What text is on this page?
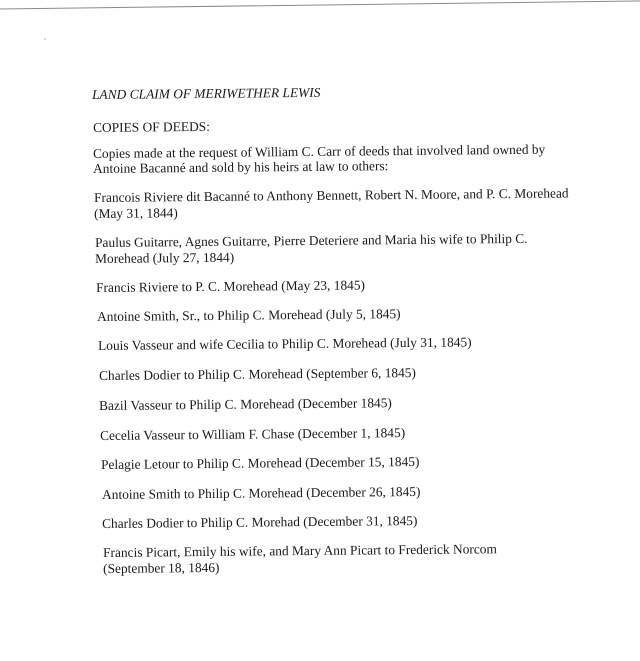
LAND CLAIM OF MERIWETHER LEWIS
COPIES OF DEEDS:
Copies made at the request of William C. Carr of deeds that involved land owned by
Antoine Bacanné and sold by his heirs at law to others:
Francois Riviere dit Bacanné to Anthony Bennett, Robert N. Moore, and P. C. Morehead
(May 31, 1844)
Paulus Guitarre, Agnes Guitarre, Pierre Deteriere and Maria his wife to Philip C.
Morehead (July 27, 1844)
Francis Riviere to P. C. Morehead (May 23, 1845)
Antoine Smith, Sr., to Philip C. Morehead (July 5, 1845)
Louis Vasseur and wife Cecilia to Philip C. Morehead (July 31, 1845)
Charles Dodier to Philip C. Morehead (September 6, 1845)
Bazil Vasseur to Philip C. Morehead (December 1845)
Cecelia Vasseur to William F. Chase (December 1, 1845)
Pelagie Letour to Philip C. Morehead (December 15, 1845)
Antoine Smith to Philip C. Morehead (December 26, 1845)
Charles Dodier to Philip C. Morehad (December 31, 1845)
Francis Picart, Emily his wife, and Mary Ann Picart to Frederick Norcom
(September 18, 1846)
